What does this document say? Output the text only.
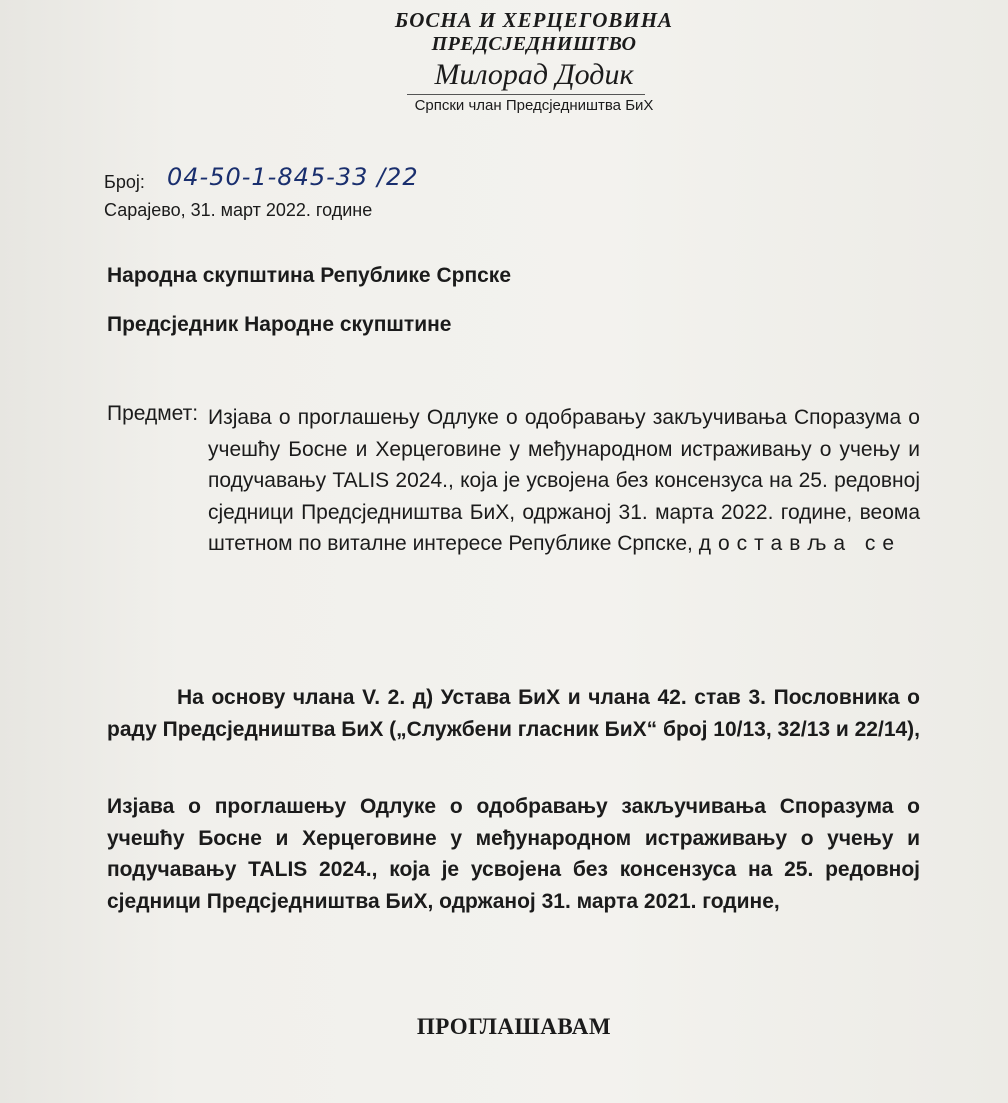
БОСНА И ХЕРЦЕГОВИНА
ПРЕДСЈЕДНИШТВО
Милорад Додик
Српски члан Предсједништва БиХ
Број: 04-50-1-845-33 /22
Сарајево, 31. март 2022. године
Народна скупштина Републике Српске
Предсједник Народне скупштине
Предмет: Изјава о проглашењу Одлуке о одобравању закључивања Споразума о учешћу Босне и Херцеговине у међународном истраживању о учењу и подучавању TALIS 2024., која је усвојена без консензуса на 25. редовној сједници Предсједништва БиХ, одржаној 31. марта 2022. године, веома штетном по виталне интересе Републике Српске, доставља се
На основу члана V. 2. д) Устава БиХ и члана 42. став 3. Пословника о раду Предсједништва БиХ („Службени гласник БиХ“ број 10/13, 32/13 и 22/14),
Изјава о проглашењу Одлуке о одобравању закључивања Споразума о учешћу Босне и Херцеговине у међународном истраживању о учењу и подучавању TALIS 2024., која је усвојена без консензуса на 25. редовној сједници Предсједништва БиХ, одржаној 31. марта 2021. године,
ПРОГЛАШАВАМ
